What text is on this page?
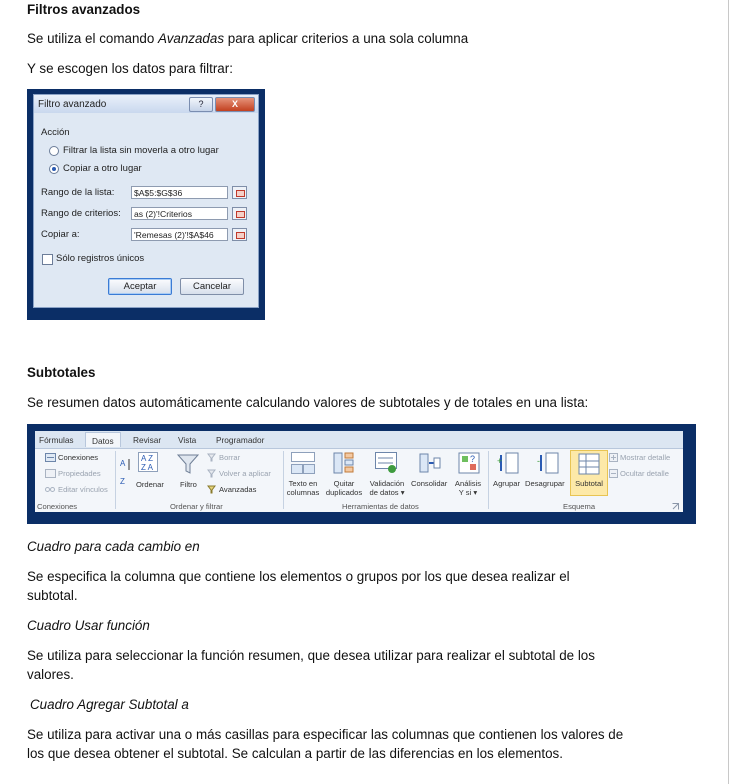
Filtros avanzados

Se utiliza el comando Avanzadas para aplicar criterios a una sola columna

Y se escogen los datos para filtrar:

Filtro avanzado	?	X
Acción
Filtrar la lista sin moverla a otro lugar
Copiar a otro lugar
Rango de la lista:	$A$5:$G$36
Rango de criterios:	as (2)'!Criterios
Copiar a:	'Remesas (2)'!$A$46
Sólo registros únicos
Aceptar	Cancelar

Subtotales

Se resumen datos automáticamente calculando valores de subtotales y de totales en una lista:

Fórmulas	Datos	Revisar Vista Programador
Conexiones
Propiedades
Editar vínculos
Conexiones
A
Z
A Z
Z A
Ordenar Filtro
Borrar
Volver a aplicar
Avanzadas
Ordenar y filtrar
Texto en
columnas
Quitar
duplicados
Validación
de datos ▾
Consolidar
?
Análisis
Y si ▾
Herramientas de datos
+
Agrupar
-
Desagrupar	Subtotal
Mostrar detalle
Ocultar detalle
Esquema

Cuadro para cada cambio en

Se especifica la columna que contiene los elementos o grupos por los que desea realizar el

subtotal.

Cuadro Usar función

Se utiliza para seleccionar la función resumen, que desea utilizar para realizar el subtotal de los

valores.

Cuadro Agregar Subtotal a

Se utiliza para activar una o más casillas para especificar las columnas que contienen los valores de

los que desea obtener el subtotal. Se calculan a partir de las diferencias en los elementos.
